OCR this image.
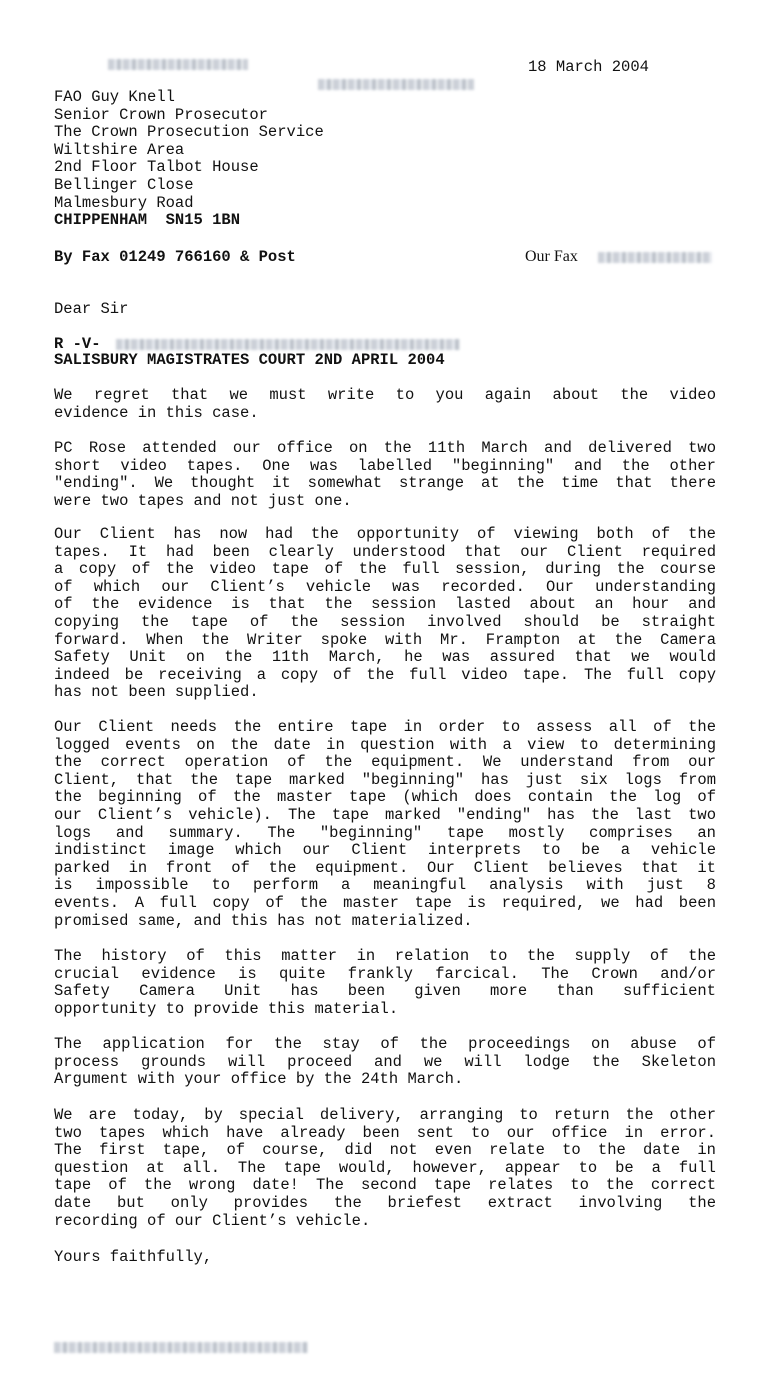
18 March 2004
FAO Guy Knell
Senior Crown Prosecutor
The Crown Prosecution Service
Wiltshire Area
2nd Floor Talbot House
Bellinger Close
Malmesbury Road
CHIPPENHAM  SN15 1BN
By Fax 01249 766160 & Post	Our Fax
Dear Sir
R -V-
SALISBURY MAGISTRATES COURT 2ND APRIL 2004
We regret that we must write to you again about the video
evidence in this case.
PC Rose attended our office on the 11th March and delivered two
short video tapes. One was labelled "beginning" and the other
"ending". We thought it somewhat strange at the time that there
were two tapes and not just one.
Our Client has now had the opportunity of viewing both of the
tapes. It had been clearly understood that our Client required
a copy of the video tape of the full session, during the course
of which our Client’s vehicle was recorded. Our understanding
of the evidence is that the session lasted about an hour and
copying the tape of the session involved should be straight
forward. When the Writer spoke with Mr. Frampton at the Camera
Safety Unit on the 11th March, he was assured that we would
indeed be receiving a copy of the full video tape. The full copy
has not been supplied.
Our Client needs the entire tape in order to assess all of the
logged events on the date in question with a view to determining
the correct operation of the equipment. We understand from our
Client, that the tape marked "beginning" has just six logs from
the beginning of the master tape (which does contain the log of
our Client’s vehicle). The tape marked "ending" has the last two
logs and summary. The "beginning" tape mostly comprises an
indistinct image which our Client interprets to be a vehicle
parked in front of the equipment. Our Client believes that it
is impossible to perform a meaningful analysis with just 8
events. A full copy of the master tape is required, we had been
promised same, and this has not materialized.
The history of this matter in relation to the supply of the
crucial evidence is quite frankly farcical. The Crown and/or
Safety Camera Unit has been given more than sufficient
opportunity to provide this material.
The application for the stay of the proceedings on abuse of
process grounds will proceed and we will lodge the Skeleton
Argument with your office by the 24th March.
We are today, by special delivery, arranging to return the other
two tapes which have already been sent to our office in error.
The first tape, of course, did not even relate to the date in
question at all. The tape would, however, appear to be a full
tape of the wrong date! The second tape relates to the correct
date but only provides the briefest extract involving the
recording of our Client’s vehicle.
Yours faithfully,
